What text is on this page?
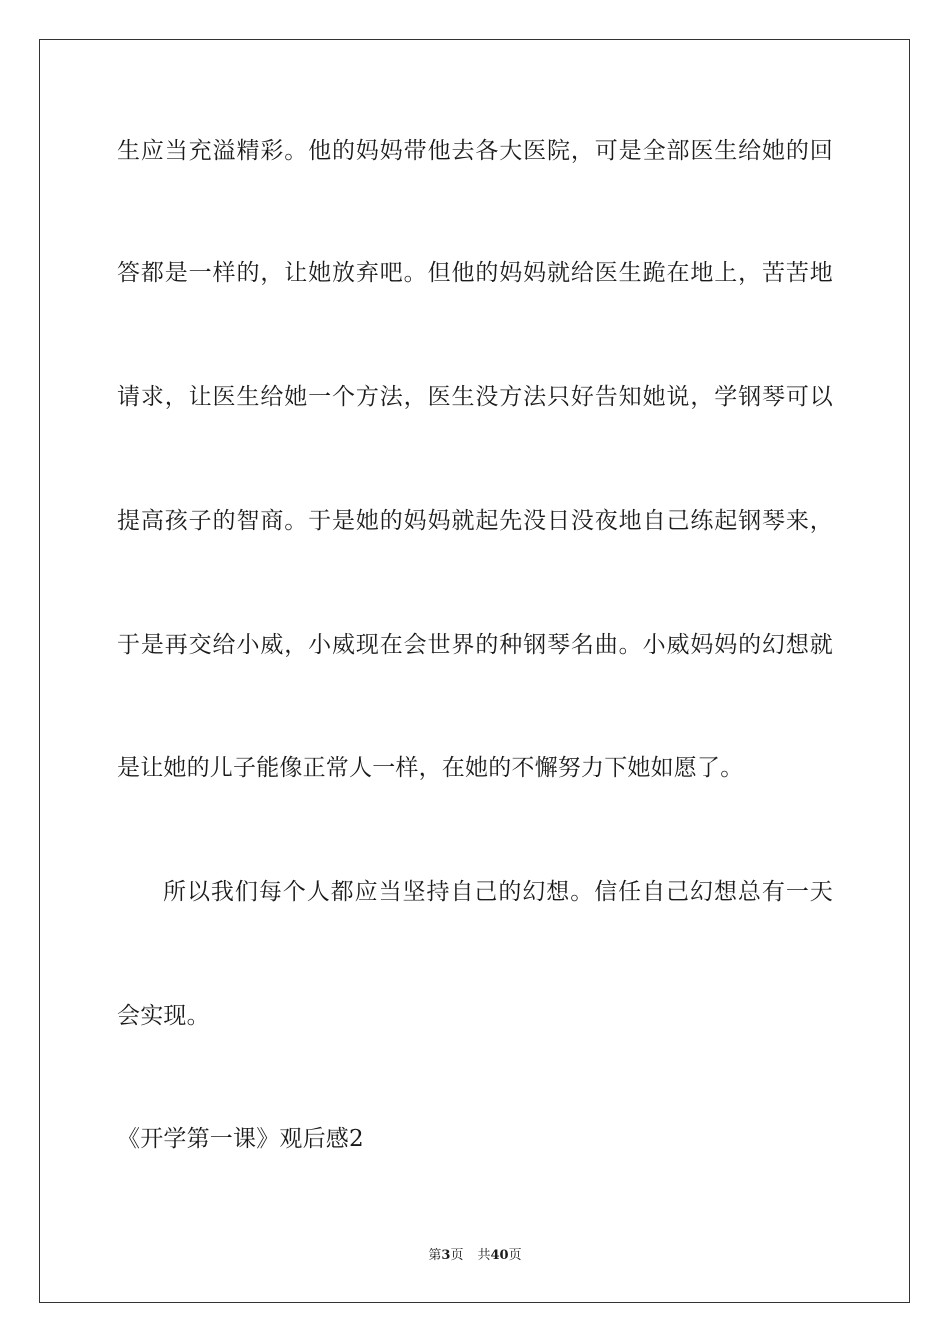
生应当充溢精彩。他的妈妈带他去各大医院，可是全部医生给她的回
答都是一样的，让她放弃吧。但他的妈妈就给医生跪在地上，苦苦地
请求，让医生给她一个方法，医生没方法只好告知她说，学钢琴可以
提高孩子的智商。于是她的妈妈就起先没日没夜地自己练起钢琴来，
于是再交给小威，小威现在会世界的种钢琴名曲。小威妈妈的幻想就
是让她的儿子能像正常人一样，在她的不懈努力下她如愿了。
所以我们每个人都应当坚持自己的幻想。信任自己幻想总有一天
会实现。
《开学第一课》观后感2
第3页 共40页
